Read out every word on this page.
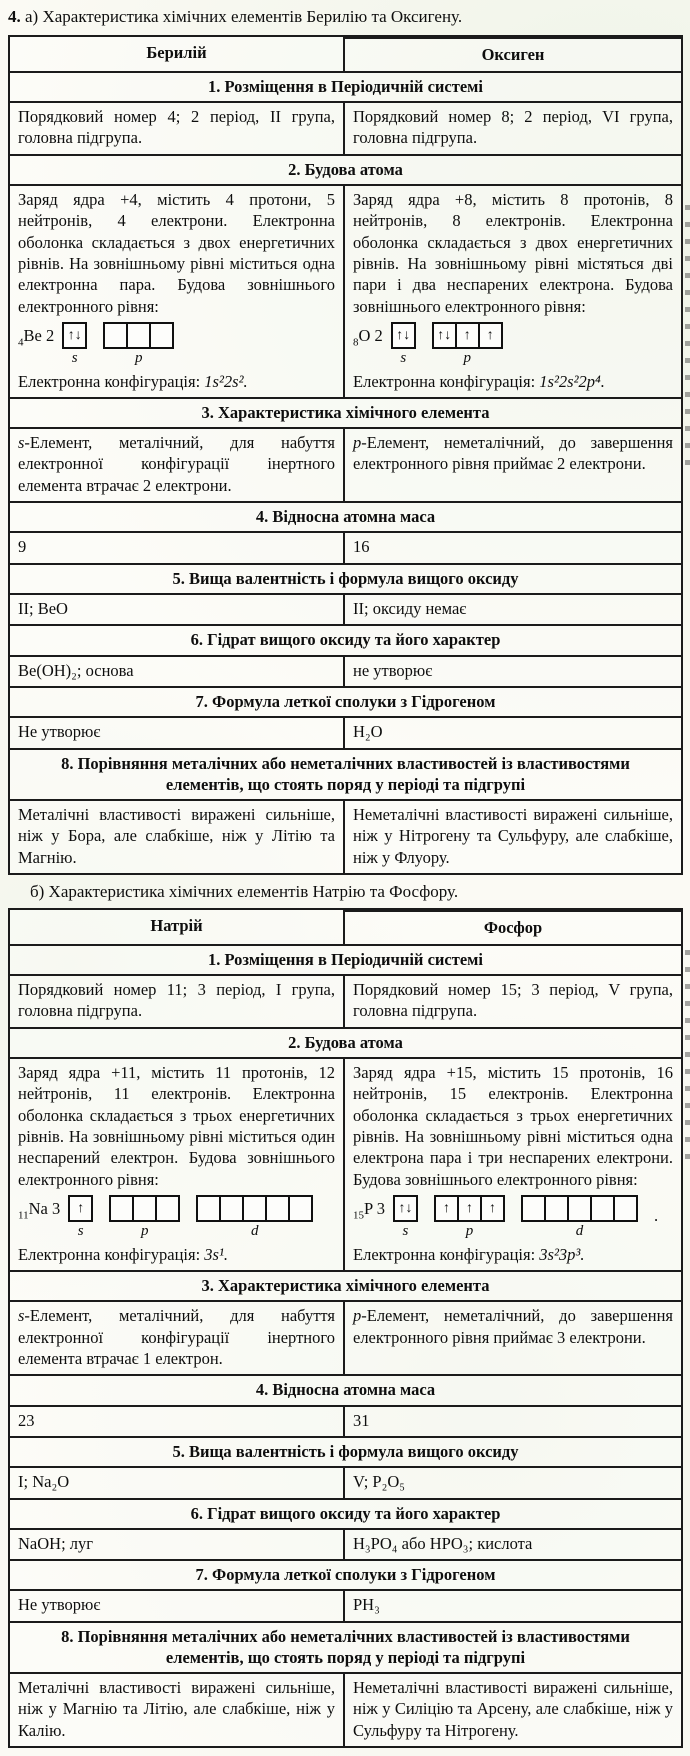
4. а) Характеристика хімічних елементів Берилію та Оксигену.
Берилій	Оксиген
1. Розміщення в Періодичній системі
Порядковий номер 4; 2 період, II група, головна підгрупа.
Порядковий номер 8; 2 період, VI група, головна підгрупа.
2. Будова атома
Заряд ядра +4, містить 4 протони, 5 нейтронів, 4 електрони. Електронна оболонка складається з двох енергетичних рівнів. На зовнішньому рівні міститься одна електронна пара. Будова зовнішнього електронного рівня:
$_4$Be 2 ↑↓
s	p
Електронна конфігурація: 1s²2s².
Заряд ядра +8, містить 8 протонів, 8 нейтронів, 8 електронів. Електронна оболонка складається з двох енергетичних рівнів. На зовнішньому рівні містяться дві пари і два неспарених електрона. Будова зовнішнього електронного рівня:
$_8$O 2 ↑↓
s
↑↓ ↑	↑
p
Електронна конфігурація: 1s²2s²2p⁴.
3. Характеристика хімічного елемента
s-Елемент, металічний, для набуття електронної конфігурації інертного елемента втрачає 2 електрони.
p-Елемент, неметалічний, до завершення електронного рівня приймає 2 електрони.
4. Відносна атомна маса
9	16
5. Вища валентність і формула вищого оксиду
II; BeO	II; оксиду немає
6. Гідрат вищого оксиду та його характер
Be(OH)₂; основа	не утворює
7. Формула леткої сполуки з Гідрогеном
Не утворює	H₂O
8. Порівняння металічних або неметалічних властивостей із властивостями елементів, що стоять поряд у періоді та підгрупі
Металічні властивості виражені сильніше, ніж у Бора, але слабкіше, ніж у Літію та Магнію.
Неметалічні властивості виражені сильніше, ніж у Нітрогену та Сульфуру, але слабкіше, ніж у Флуору.
б) Характеристика хімічних елементів Натрію та Фосфору.
Натрій	Фосфор
1. Розміщення в Періодичній системі
Порядковий номер 11; 3 період, I група, головна підгрупа.
Порядковий номер 15; 3 період, V група, головна підгрупа.
2. Будова атома
Заряд ядра +11, містить 11 протонів, 12 нейтронів, 11 електронів. Електронна оболонка складається з трьох енергетичних рівнів. На зовнішньому рівні міститься один неспарений електрон. Будова зовнішнього електронного рівня:
$_{11}$Na 3	↑
s	p	d
Електронна конфігурація: 3s¹.
Заряд ядра +15, містить 15 протонів, 16 нейтронів, 15 електронів. Електронна оболонка складається з трьох енергетичних рівнів. На зовнішньому рівні міститься одна електрона пара і три неспарених електрони. Будова зовнішнього електронного рівня:
$_{15}$P 3 ↑↓
s
↑	↑	↑
p	d
.
Електронна конфігурація: 3s²3p³.
3. Характеристика хімічного елемента
s-Елемент, металічний, для набуття електронної конфігурації інертного елемента втрачає 1 електрон.
p-Елемент, неметалічний, до завершення електронного рівня приймає 3 електрони.
4. Відносна атомна маса
23	31
5. Вища валентність і формула вищого оксиду
I; Na₂O	V; P₂O₅
6. Гідрат вищого оксиду та його характер
NaOH; луг	H₃PO₄ або HPO₃; кислота
7. Формула леткої сполуки з Гідрогеном
Не утворює	PH₃
8. Порівняння металічних або неметалічних властивостей із властивостями елементів, що стоять поряд у періоді та підгрупі
Металічні властивості виражені сильніше, ніж у Магнію та Літію, але слабкіше, ніж у Калію.
Неметалічні властивості виражені сильніше, ніж у Силіцію та Арсену, але слабкіше, ніж у Сульфуру та Нітрогену.
